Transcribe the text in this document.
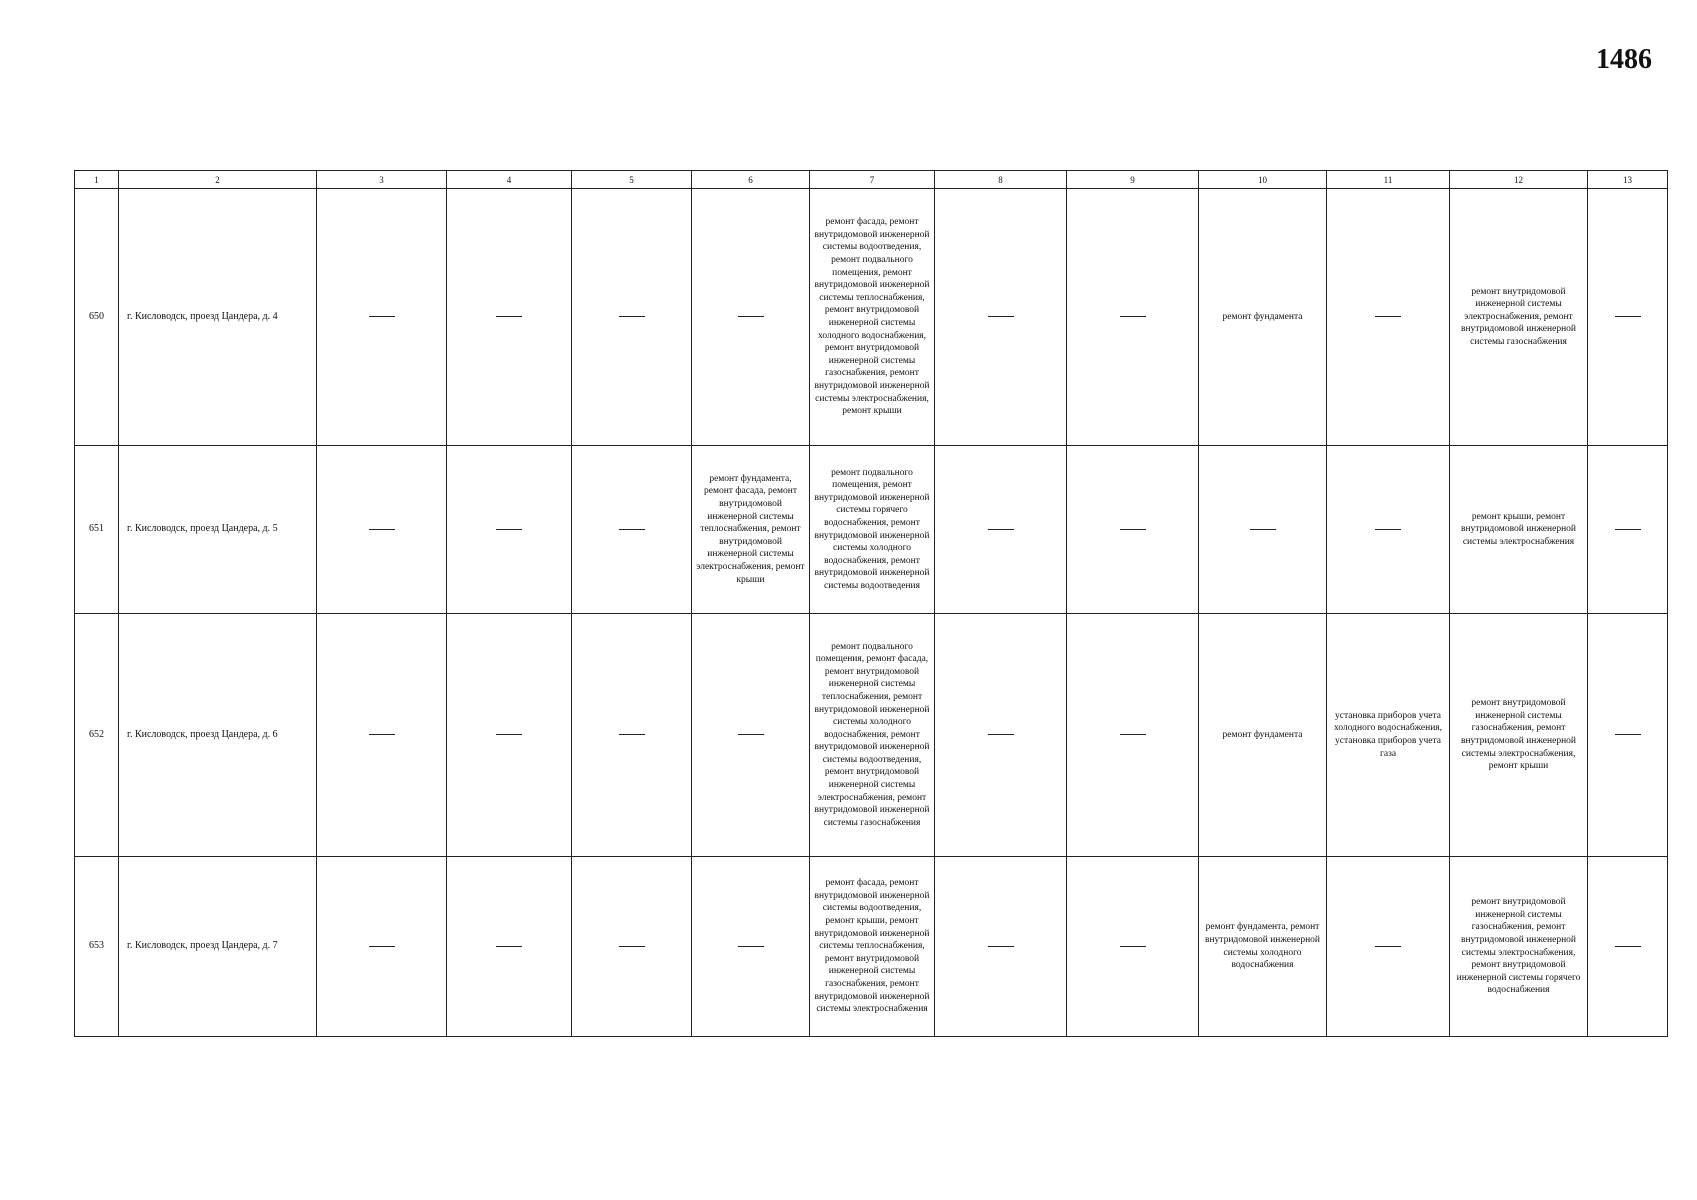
1486
1	2	3	4	5	6	7	8	9	10	11	12	13
650	г. Кисловодск, проезд Цандера, д. 4					ремонт фасада, ремонт внутридомовой инженерной системы водоотведения, ремонт подвального помещения, ремонт внутридомовой инженерной системы теплоснабжения, ремонт внутридомовой инженерной системы холодного водоснабжения, ремонт внутридомовой инженерной системы газоснабжения, ремонт внутридомовой инженерной системы электроснабжения, ремонт крыши			ремонт фундамента		ремонт внутридомовой инженерной системы электроснабжения, ремонт внутридомовой инженерной системы газоснабжения	
651	г. Кисловодск, проезд Цандера, д. 5				ремонт фундамента, ремонт фасада, ремонт внутридомовой инженерной системы теплоснабжения, ремонт внутридомовой инженерной системы электроснабжения, ремонт крыши	ремонт подвального помещения, ремонт внутридомовой инженерной системы горячего водоснабжения, ремонт внутридомовой инженерной системы холодного водоснабжения, ремонт внутридомовой инженерной системы водоотведения					ремонт крыши, ремонт внутридомовой инженерной системы электроснабжения	
652	г. Кисловодск, проезд Цандера, д. 6					ремонт подвального помещения, ремонт фасада, ремонт внутридомовой инженерной системы теплоснабжения, ремонт внутридомовой инженерной системы холодного водоснабжения, ремонт внутридомовой инженерной системы водоотведения, ремонт внутридомовой инженерной системы электроснабжения, ремонт внутридомовой инженерной системы газоснабжения			ремонт фундамента	установка приборов учета холодного водоснабжения, установка приборов учета газа	ремонт внутридомовой инженерной системы газоснабжения, ремонт внутридомовой инженерной системы электроснабжения, ремонт крыши	
653	г. Кисловодск, проезд Цандера, д. 7					ремонт фасада, ремонт внутридомовой инженерной системы водоотведения, ремонт крыши, ремонт внутридомовой инженерной системы теплоснабжения, ремонт внутридомовой инженерной системы газоснабжения, ремонт внутридомовой инженерной системы электроснабжения			ремонт фундамента, ремонт внутридомовой инженерной системы холодного водоснабжения		ремонт внутридомовой инженерной системы газоснабжения, ремонт внутридомовой инженерной системы электроснабжения, ремонт внутридомовой инженерной системы горячего водоснабжения	
